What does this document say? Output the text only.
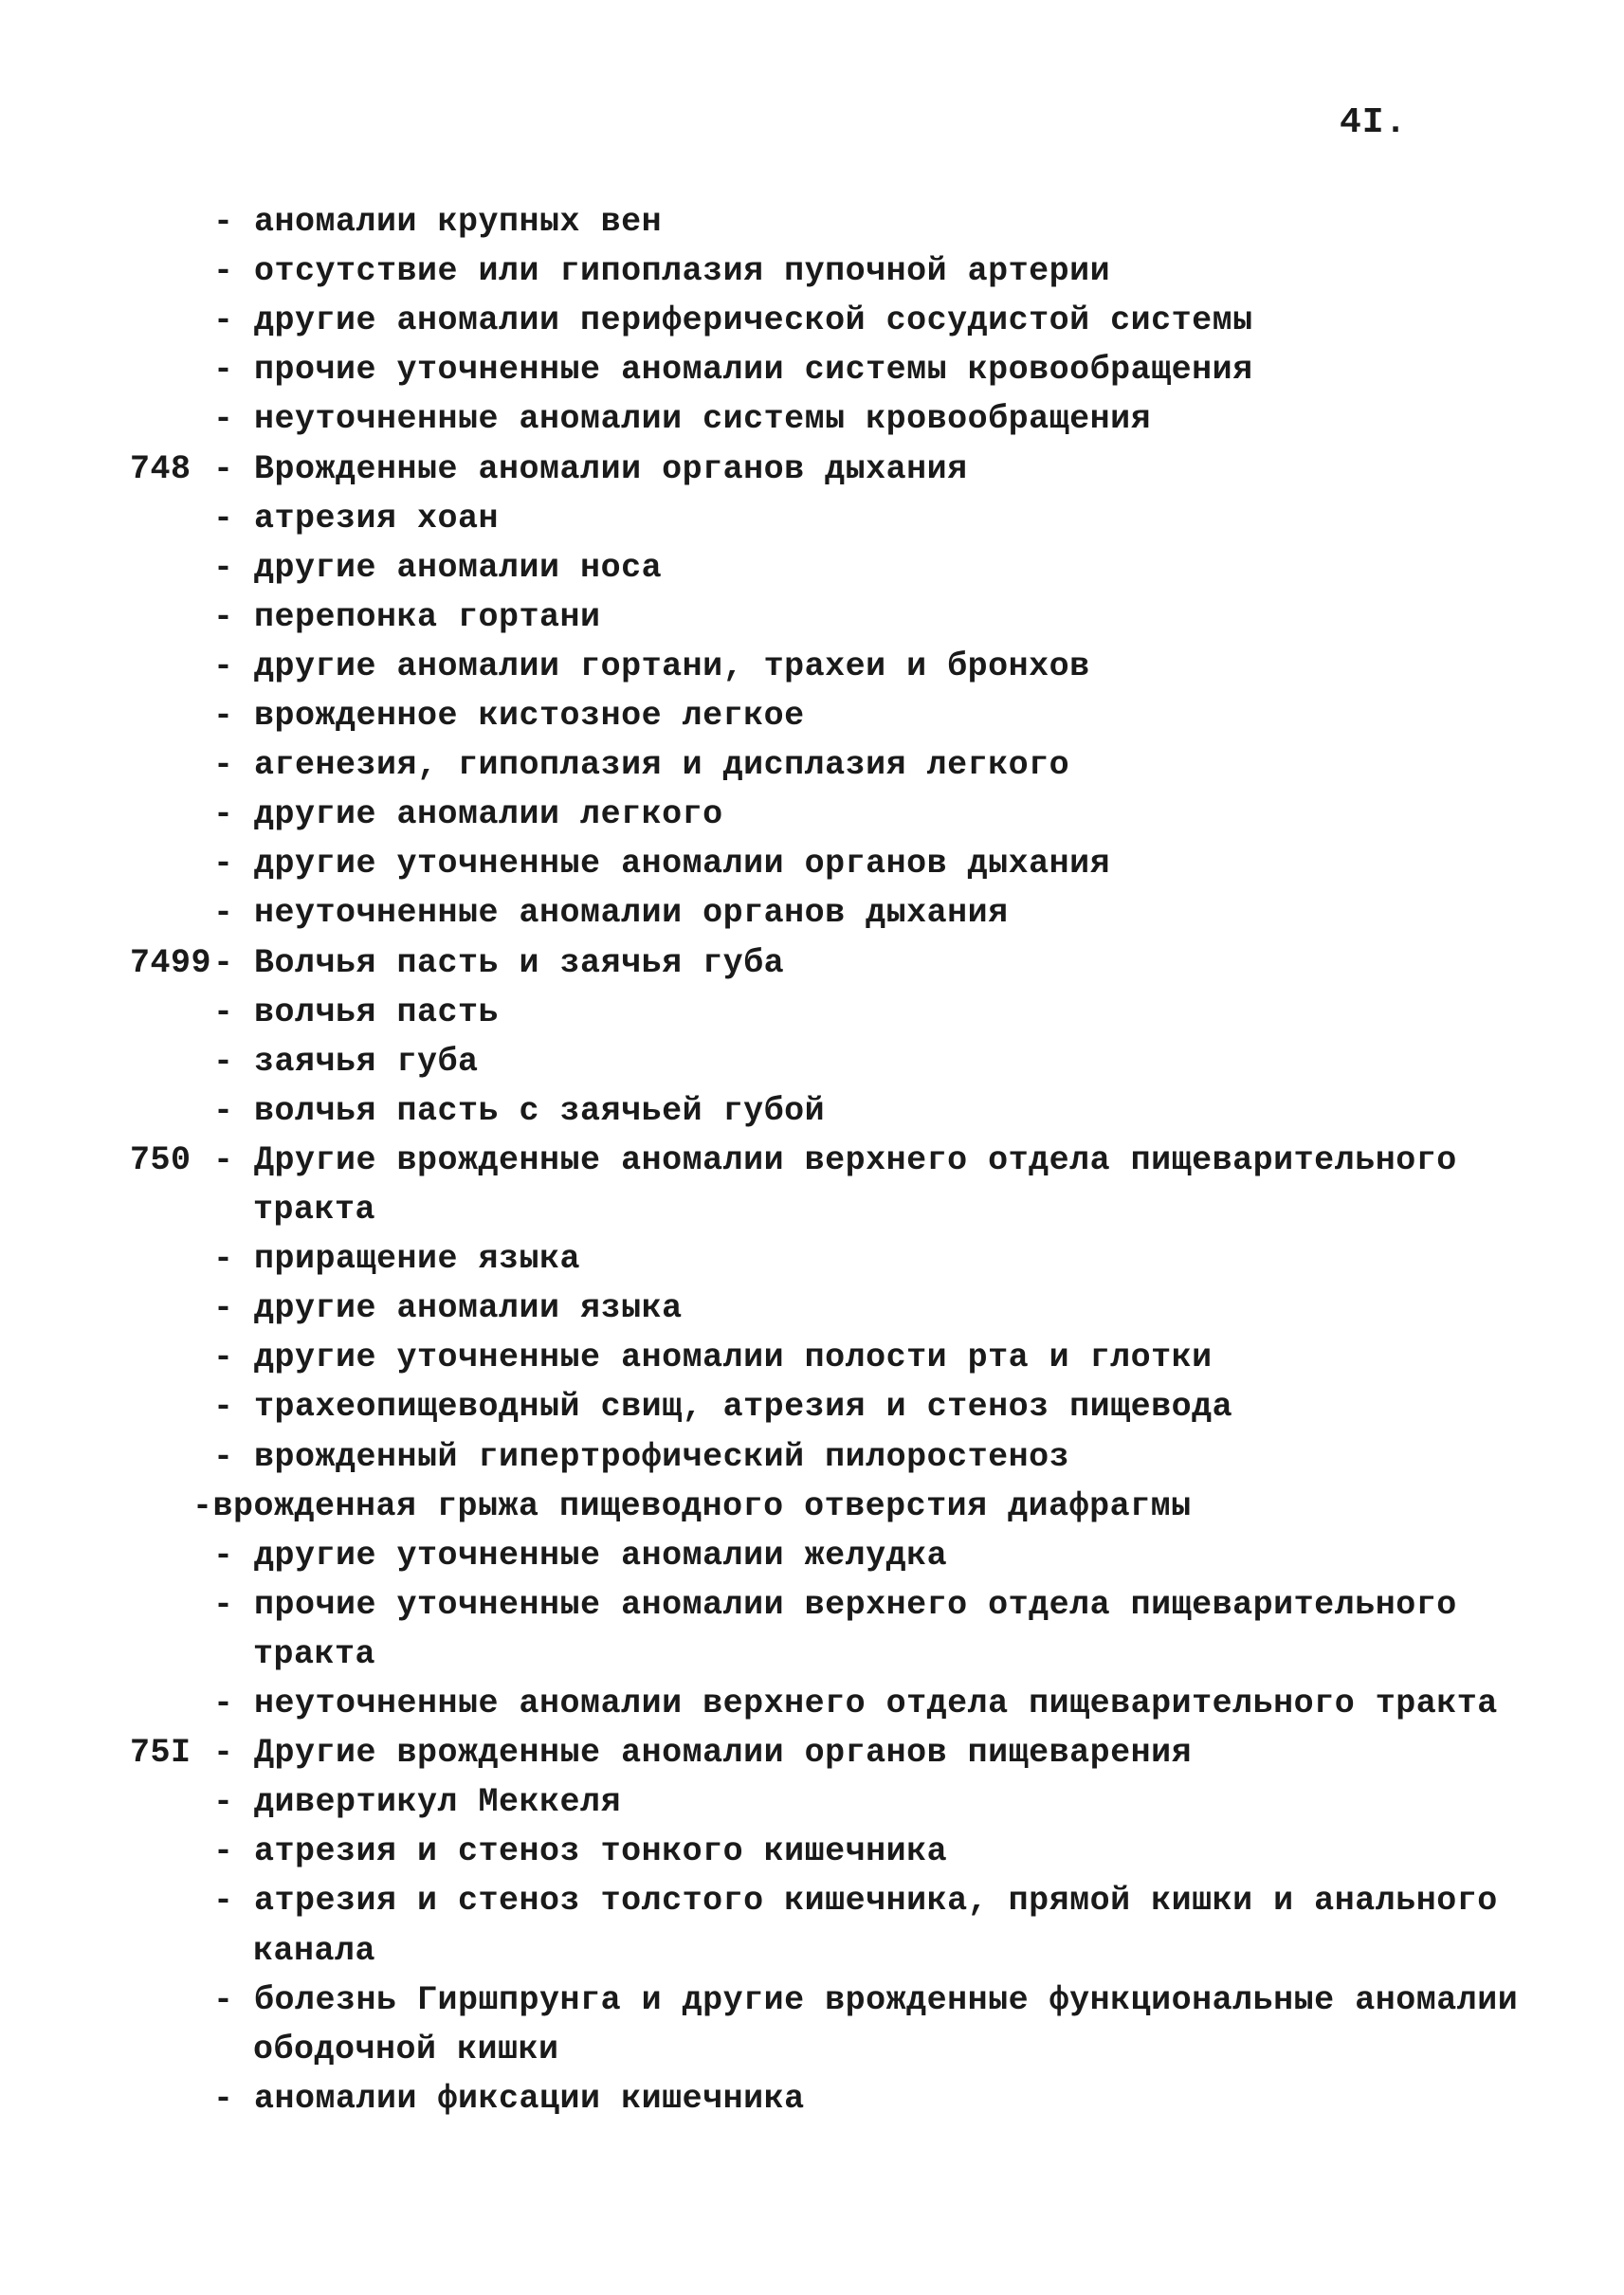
4I.
- аномалии крупных вен
- отсутствие или гипоплазия пупочной артерии
- другие аномалии периферической сосудистой системы
- прочие уточненные аномалии системы кровообращения
- неуточненные аномалии системы кровообращения
748 - Врожденные аномалии органов дыхания
- атрезия хоан
- другие аномалии носа
- перепонка гортани
- другие аномалии гортани, трахеи и бронхов
- врожденное кистозное легкое
- агенезия, гипоплазия и дисплазия легкого
- другие аномалии легкого
- другие уточненные аномалии органов дыхания
- неуточненные аномалии органов дыхания
7499 - Волчья пасть и заячья губа
- волчья пасть
- заячья губа
- волчья пасть с заячьей губой
750 - Другие врожденные аномалии верхнего отдела пищеварительного
тракта
- приращение языка
- другие аномалии языка
- другие уточненные аномалии полости рта и глотки
- трахеопищеводный свищ, атрезия и стеноз пищевода
- врожденный гипертрофический пилоростеноз
-врожденная грыжа пищеводного отверстия диафрагмы
- другие уточненные аномалии желудка
- прочие уточненные аномалии верхнего отдела пищеварительного
тракта
- неуточненные аномалии верхнего отдела пищеварительного тракта
75I - Другие врожденные аномалии органов пищеварения
- дивертикул Меккеля
- атрезия и стеноз тонкого кишечника
- атрезия и стеноз толстого кишечника, прямой кишки и анального
канала
- болезнь Гиршпрунга и другие врожденные функциональные аномалии
ободочной кишки
- аномалии фиксации кишечника
